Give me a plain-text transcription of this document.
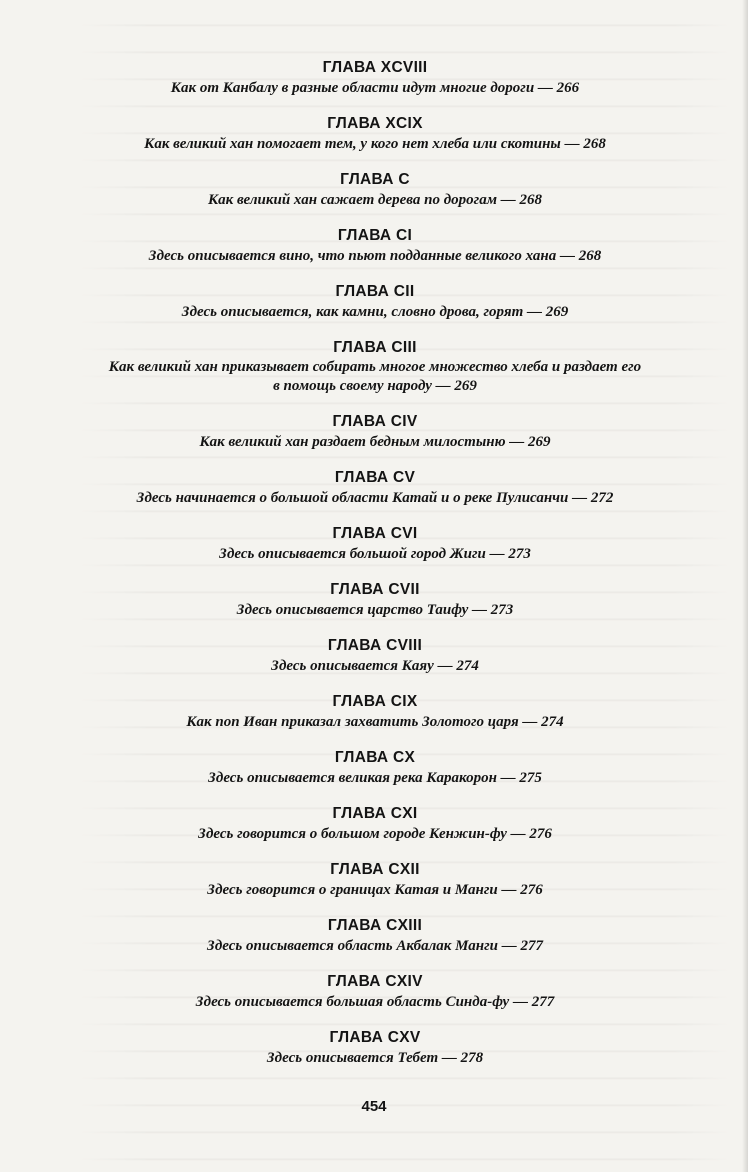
ГЛАВА XCVIII

Как от Канбалу в разные области идут многие дороги — 266

ГЛАВА XCIX

Как великий хан помогает тем, у кого нет хлеба или скотины — 268

ГЛАВА С

Как великий хан сажает дерева по дорогам — 268

ГЛАВА CI

Здесь описывается вино, что пьют подданные великого хана — 268

ГЛАВА CII

Здесь описывается, как камни, словно дрова, горят — 269

ГЛАВА CIII

Как великий хан приказывает собирать многое множество хлеба и раздает его
в помощь своему народу — 269

ГЛАВА CIV

Как великий хан раздает бедным милостыню — 269

ГЛАВА CV

Здесь начинается о большой области Катай и о реке Пулисанчи — 272

ГЛАВА CVI

Здесь описывается большой город Жиги — 273

ГЛАВА CVII

Здесь описывается царство Таифу — 273

ГЛАВА CVIII

Здесь описывается Каяу — 274

ГЛАВА CIX

Как поп Иван приказал захватить Золотого царя — 274

ГЛАВА CX

Здесь описывается великая река Каракорон — 275

ГЛАВА CXI

Здесь говорится о большом городе Кенжин-фу — 276

ГЛАВА CXII

Здесь говорится о границах Катая и Манги — 276

ГЛАВА CXIII

Здесь описывается область Акбалак Манги — 277

ГЛАВА CXIV

Здесь описывается большая область Синда-фу — 277

ГЛАВА CXV

Здесь описывается Тебет — 278

454
